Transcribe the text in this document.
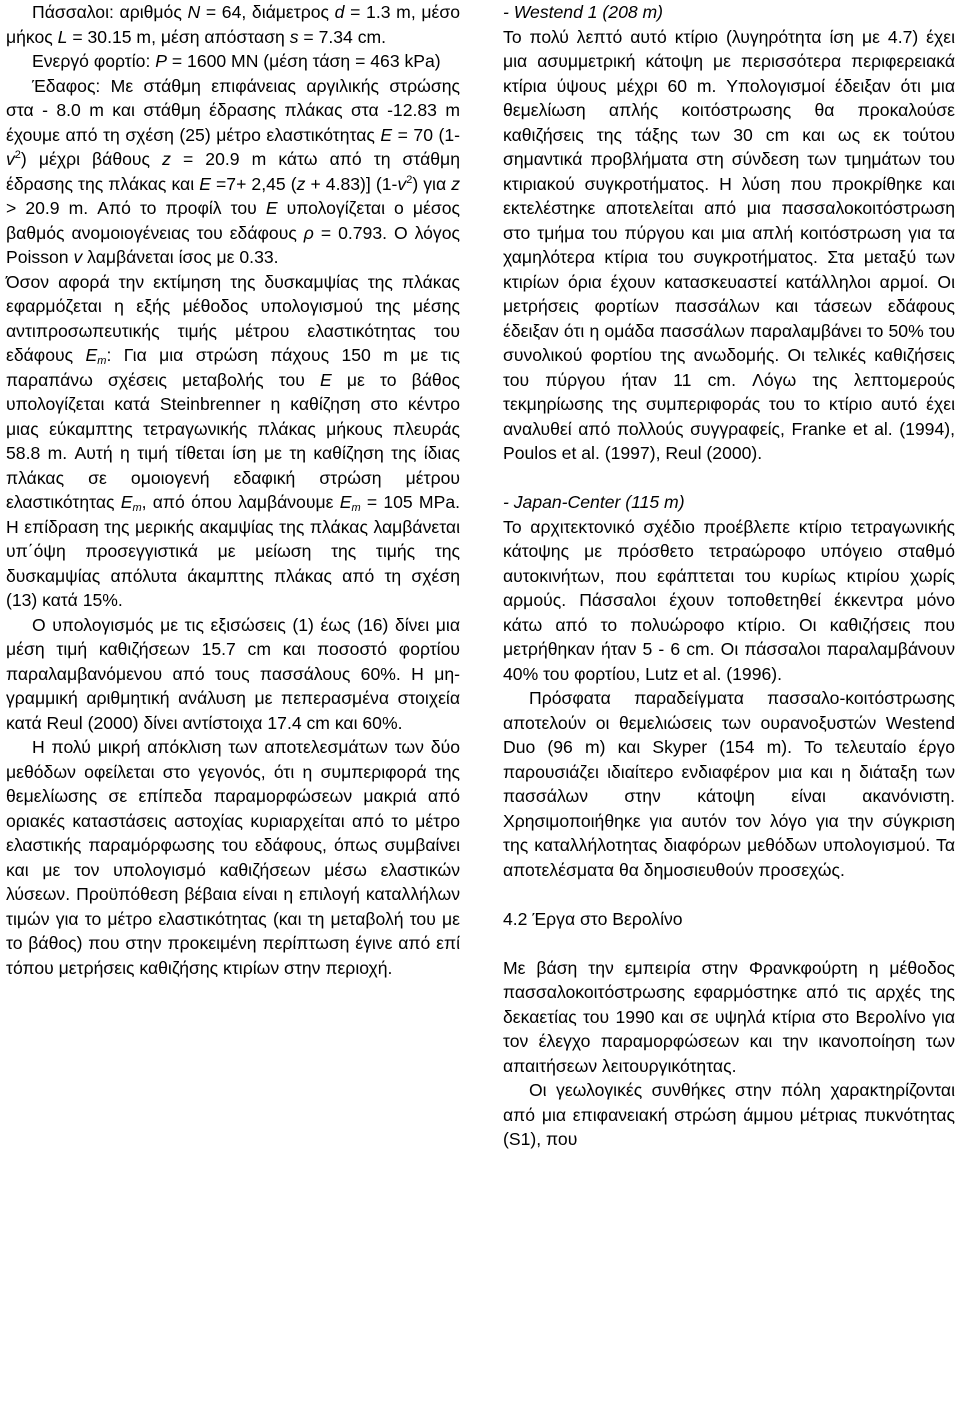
Πάσσαλοι: αριθμός N = 64, διάμετρος d = 1.3 m, μέσο μήκος L = 30.15 m, μέση απόσταση s = 7.34 cm.

Ενεργό φορτίο: P = 1600 MN (μέση τάση = 463 kPa)

Έδαφος: Με στάθμη επιφάνειας αργιλικής στρώσης στα - 8.0 m και στάθμη έδρασης πλάκας στα -12.83 m έχουμε από τη σχέση (25) μέτρο ελαστικότητας E = 70 $(1-v^2)$ μέχρι βάθους z = 20.9 m κάτω από τη στάθμη έδρασης της πλάκας και E =7+ 2,45 (z + 4.83)] $(1-v^2)$ για z > 20.9 m. Από το προφίλ του E υπολογίζεται ο μέσος βαθμός ανομοιογένειας του εδάφους ρ = 0.793. Ο λόγος Poisson v λαμβάνεται ίσος με 0.33.

Όσον αφορά την εκτίμηση της δυσκαμψίας της πλάκας εφαρμόζεται η εξής μέθοδος υπολογισμού της μέσης αντιπροσωπευτικής τιμής μέτρου ελαστικότητας του εδάφους $E_m$: Για μια στρώση πάχους 150 m με τις παραπάνω σχέσεις μεταβολής του E με το βάθος υπολογίζεται κατά Steinbrenner η καθίζηση στο κέντρο μιας εύκαμπτης τετραγωνικής πλάκας μήκους πλευράς 58.8 m. Αυτή η τιμή τίθεται ίση με τη καθίζηση της ίδιας πλάκας σε ομοιογενή εδαφική στρώση μέτρου ελαστικότητας $E_m$, από όπου λαμβάνουμε $E_m = 105$ MPa. Η επίδραση της μερικής ακαμψίας της πλάκας λαμβάνεται υπ΄όψη προσεγγιστικά με μείωση της τιμής της δυσκαμψίας απόλυτα άκαμπτης πλάκας από τη σχέση (13) κατά 15%.

Ο υπολογισμός με τις εξισώσεις (1) έως (16) δίνει μια μέση τιμή καθιζήσεων 15.7 cm και ποσοστό φορτίου παραλαμβανόμενου από τους πασσάλους 60%. Η μη-γραμμική αριθμητική ανάλυση με πεπερασμένα στοιχεία κατά Reul (2000) δίνει αντίστοιχα 17.4 cm και 60%.

Η πολύ μικρή απόκλιση των αποτελεσμάτων των δύο μεθόδων οφείλεται στο γεγονός, ότι η συμπεριφορά της θεμελίωσης σε επίπεδα παραμορφώσεων μακριά από οριακές καταστάσεις αστοχίας κυριαρχείται από το μέτρο ελαστικής παραμόρφωσης του εδάφους, όπως συμβαίνει και με τον υπολογισμό καθιζήσεων μέσω ελαστικών λύσεων. Προϋπόθεση βέβαια είναι η επιλογή καταλλήλων τιμών για το μέτρο ελαστικότητας (και τη μεταβολή του με το βάθος) που στην προκειμένη περίπτωση έγινε από επί τόπου μετρήσεις καθιζήσης κτιρίων στην περιοχή.

- Westend 1 (208 m)

Το πολύ λεπτό αυτό κτίριο (λυγηρότητα ίση με 4.7) έχει μια ασυμμετρική κάτοψη με περισσότερα περιφερειακά κτίρια ύψους μέχρι 60 m. Υπολογισμοί έδειξαν ότι μια θεμελίωση απλής κοιτόστρωσης θα προκαλούσε καθιζήσεις της τάξης των 30 cm και ως εκ τούτου σημαντικά προβλήματα στη σύνδεση των τμημάτων του κτιριακού συγκροτήματος. Η λύση που προκρίθηκε και εκτελέστηκε αποτελείται από μια πασσαλοκοιτόστρωση στο τμήμα του πύργου και μια απλή κοιτόστρωση για τα χαμηλότερα κτίρια του συγκροτήματος. Στα μεταξύ των κτιρίων όρια έχουν κατασκευαστεί κατάλληλοι αρμοί. Οι μετρήσεις φορτίων πασσάλων και τάσεων εδάφους έδειξαν ότι η ομάδα πασσάλων παραλαμβάνει το 50% του συνολικού φορτίου της ανωδομής. Οι τελικές καθιζήσεις του πύργου ήταν 11 cm. Λόγω της λεπτομερούς τεκμηρίωσης της συμπεριφοράς του το κτίριο αυτό έχει αναλυθεί από πολλούς συγγραφείς, Franke et al. (1994), Poulos et al. (1997), Reul (2000).

- Japan-Center (115 m)

Το αρχιτεκτονικό σχέδιο προέβλεπε κτίριο τετραγωνικής κάτοψης με πρόσθετο τετραώροφο υπόγειο σταθμό αυτοκινήτων, που εφάπτεται του κυρίως κτιρίου χωρίς αρμούς. Πάσσαλοι έχουν τοποθετηθεί έκκεντρα μόνο κάτω από το πολυώροφο κτίριο. Οι καθιζήσεις που μετρήθηκαν ήταν 5 - 6 cm. Οι πάσσαλοι παραλαμβάνουν 40% του φορτίου, Lutz et al. (1996).

Πρόσφατα παραδείγματα πασσαλο-κοιτόστρωσης αποτελούν οι θεμελιώσεις των ουρανοξυστών Westend Duo (96 m) και Skyper (154 m). Το τελευταίο έργο παρουσιάζει ιδιαίτερο ενδιαφέρον μια και η διάταξη των πασσάλων στην κάτοψη είναι ακανόνιστη. Χρησιμοποιήθηκε για αυτόν τον λόγο για την σύγκριση της καταλλήλοτητας διαφόρων μεθόδων υπολογισμού. Τα αποτελέσματα θα δημοσιευθούν προσεχώς.

4.2 Έργα στο Βερολίνο

Με βάση την εμπειρία στην Φρανκφούρτη η μέθοδος πασσαλοκοιτόστρωσης εφαρμόστηκε από τις αρχές της δεκαετίας του 1990 και σε υψηλά κτίρια στο Βερολίνο για τον έλεγχο παραμορφώσεων και την ικανοποίηση των απαιτήσεων λειτουργικότητας.

Οι γεωλογικές συνθήκες στην πόλη χαρακτηρίζονται από μια επιφανειακή στρώση άμμου μέτριας πυκνότητας (S1), που
